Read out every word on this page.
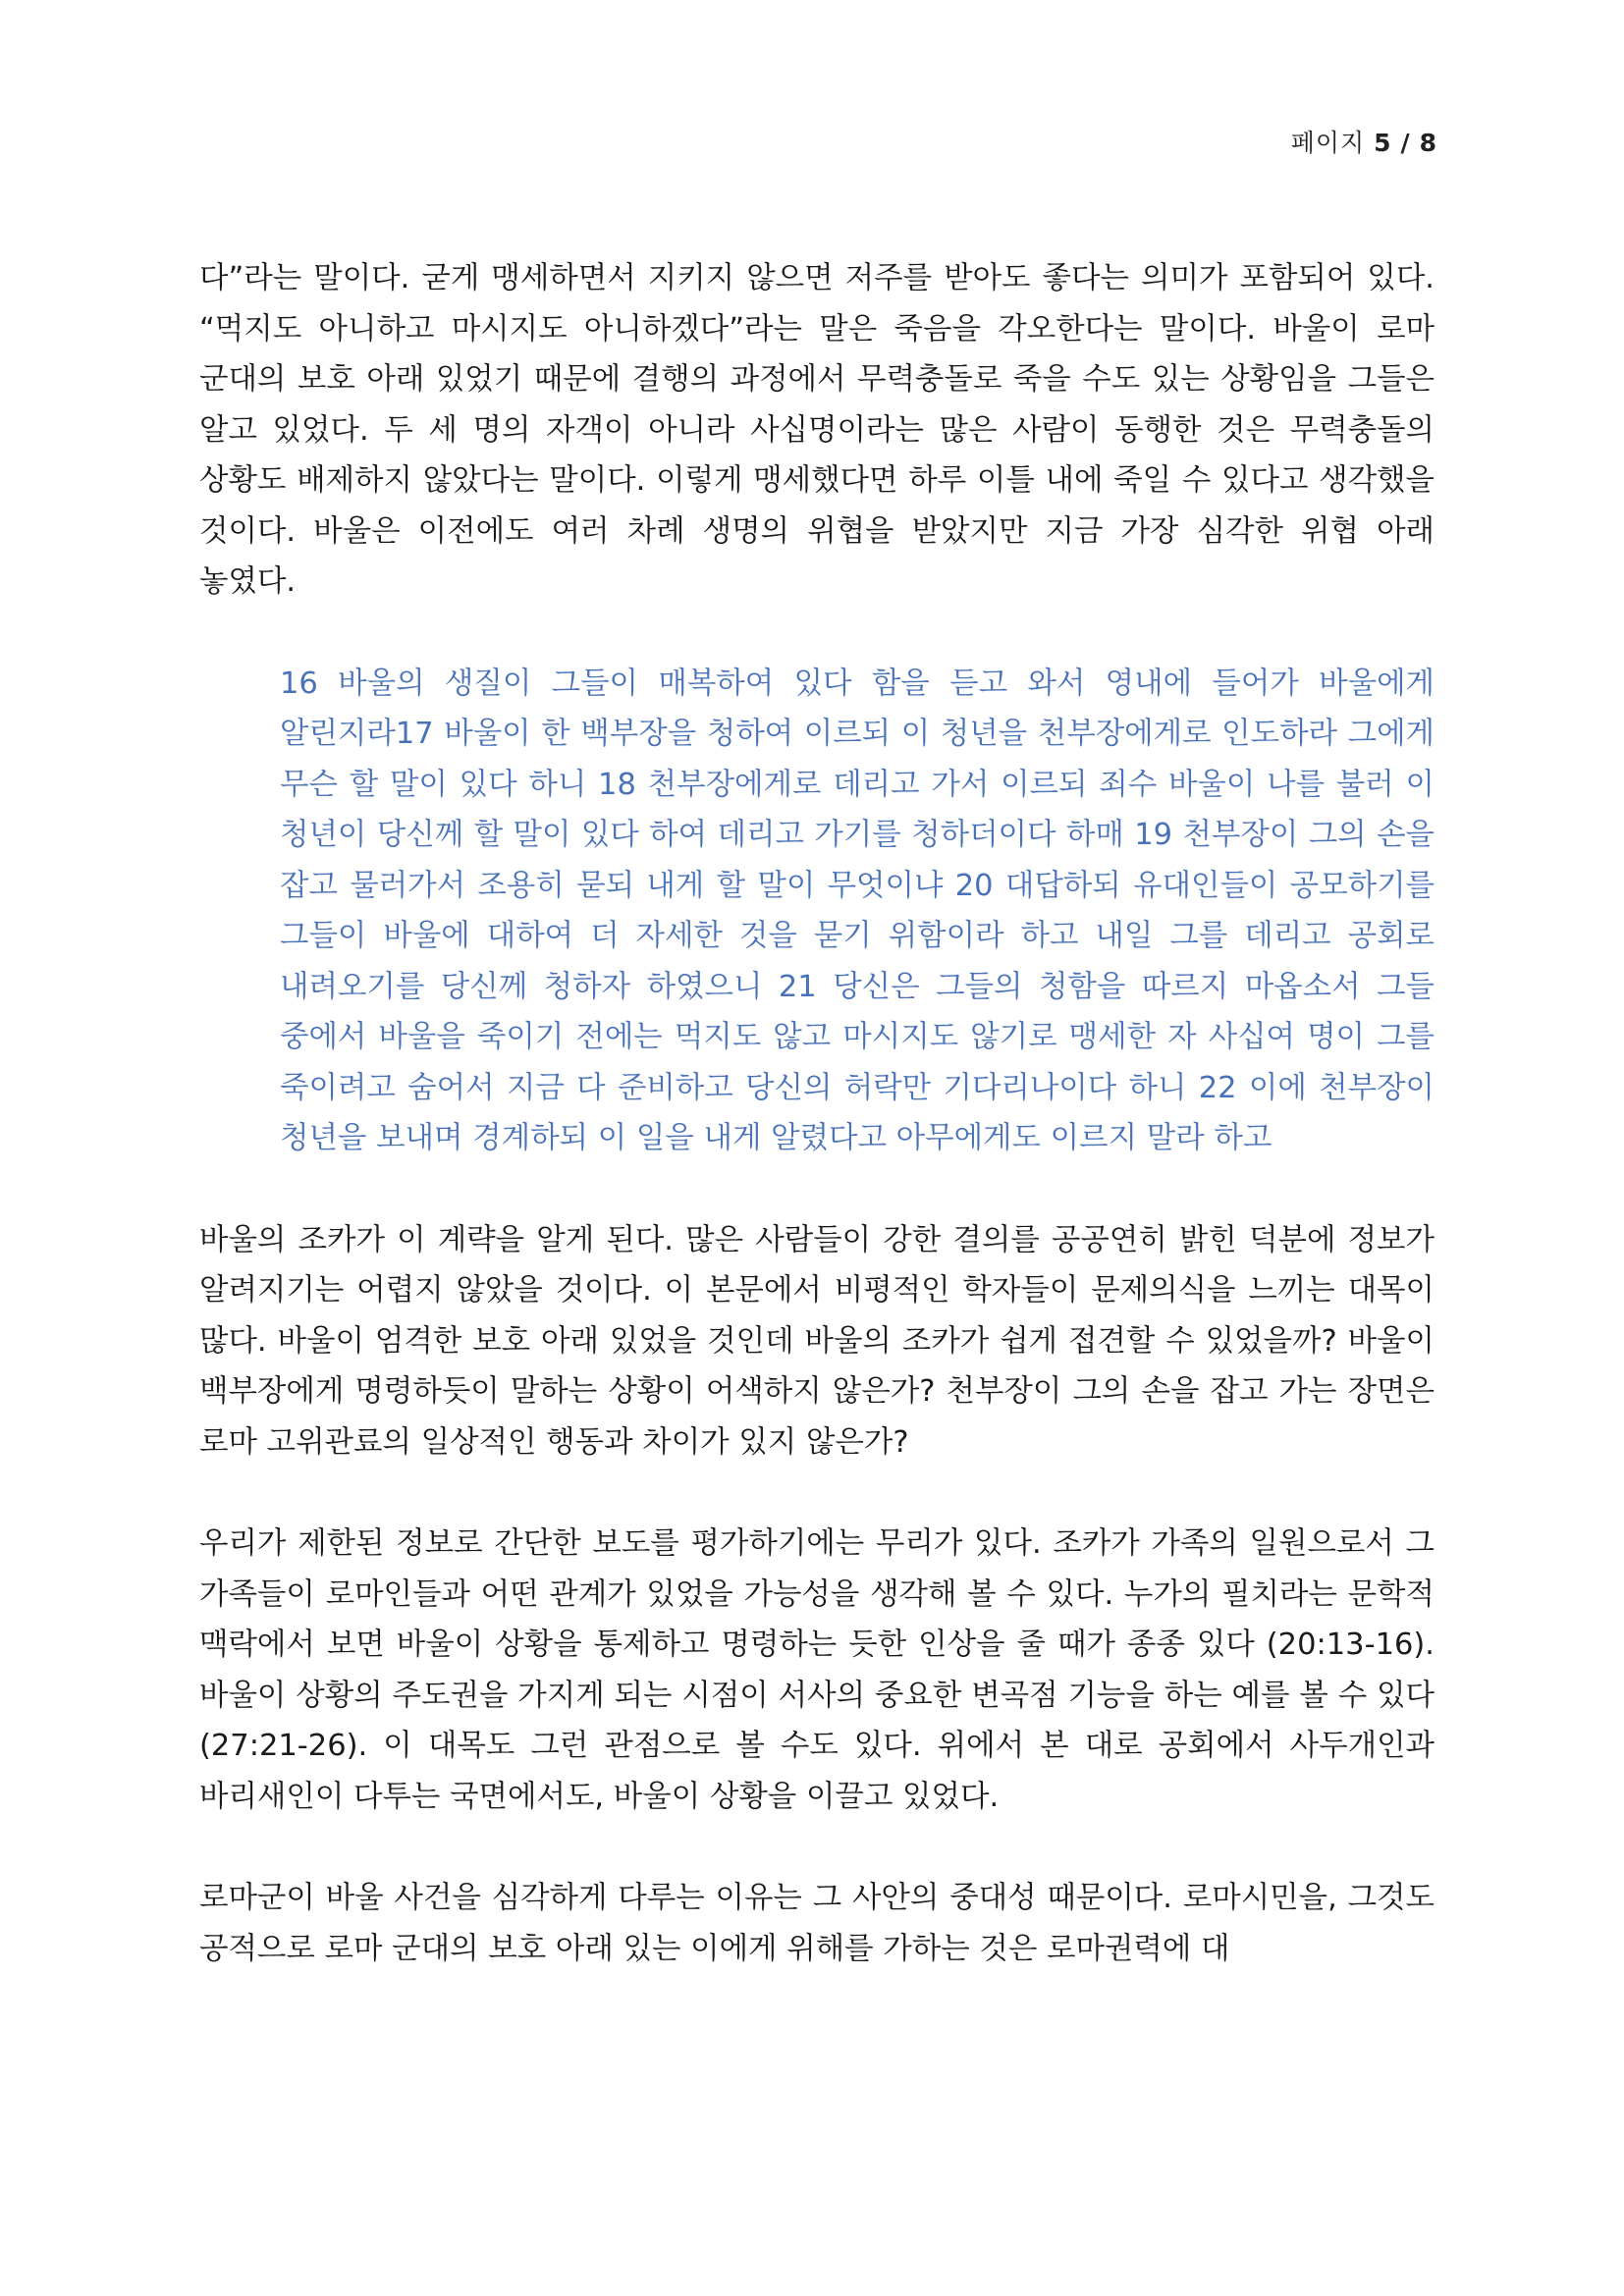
페이지 5 / 8

다”라는 말이다. 굳게 맹세하면서 지키지 않으면 저주를 받아도 좋다는 의미가 포함되어 있다. “먹지도 아니하고 마시지도 아니하겠다”라는 말은 죽음을 각오한다는 말이다. 바울이 로마 군대의 보호 아래 있었기 때문에 결행의 과정에서 무력충돌로 죽을 수도 있는 상황임을 그들은 알고 있었다. 두 세 명의 자객이 아니라 사십명이라는 많은 사람이 동행한 것은 무력충돌의 상황도 배제하지 않았다는 말이다. 이렇게 맹세했다면 하루 이틀 내에 죽일 수 있다고 생각했을 것이다. 바울은 이전에도 여러 차례 생명의 위협을 받았지만 지금 가장 심각한 위협 아래 놓였다.

16 바울의 생질이 그들이 매복하여 있다 함을 듣고 와서 영내에 들어가 바울에게 알린지라17 바울이 한 백부장을 청하여 이르되 이 청년을 천부장에게로 인도하라 그에게 무슨 할 말이 있다 하니 18 천부장에게로 데리고 가서 이르되 죄수 바울이 나를 불러 이 청년이 당신께 할 말이 있다 하여 데리고 가기를 청하더이다 하매 19 천부장이 그의 손을 잡고 물러가서 조용히 묻되 내게 할 말이 무엇이냐 20 대답하되 유대인들이 공모하기를 그들이 바울에 대하여 더 자세한 것을 묻기 위함이라 하고 내일 그를 데리고 공회로 내려오기를 당신께 청하자 하였으니 21 당신은 그들의 청함을 따르지 마옵소서 그들 중에서 바울을 죽이기 전에는 먹지도 않고 마시지도 않기로 맹세한 자 사십여 명이 그를 죽이려고 숨어서 지금 다 준비하고 당신의 허락만 기다리나이다 하니 22 이에 천부장이 청년을 보내며 경계하되 이 일을 내게 알렸다고 아무에게도 이르지 말라 하고

바울의 조카가 이 계략을 알게 된다. 많은 사람들이 강한 결의를 공공연히 밝힌 덕분에 정보가 알려지기는 어렵지 않았을 것이다. 이 본문에서 비평적인 학자들이 문제의식을 느끼는 대목이 많다. 바울이 엄격한 보호 아래 있었을 것인데 바울의 조카가 쉽게 접견할 수 있었을까? 바울이 백부장에게 명령하듯이 말하는 상황이 어색하지 않은가? 천부장이 그의 손을 잡고 가는 장면은 로마 고위관료의 일상적인 행동과 차이가 있지 않은가?

우리가 제한된 정보로 간단한 보도를 평가하기에는 무리가 있다. 조카가 가족의 일원으로서 그 가족들이 로마인들과 어떤 관계가 있었을 가능성을 생각해 볼 수 있다. 누가의 필치라는 문학적 맥락에서 보면 바울이 상황을 통제하고 명령하는 듯한 인상을 줄 때가 종종 있다 (20:13-16). 바울이 상황의 주도권을 가지게 되는 시점이 서사의 중요한 변곡점 기능을 하는 예를 볼 수 있다 (27:21-26). 이 대목도 그런 관점으로 볼 수도 있다. 위에서 본 대로 공회에서 사두개인과 바리새인이 다투는 국면에서도, 바울이 상황을 이끌고 있었다.

로마군이 바울 사건을 심각하게 다루는 이유는 그 사안의 중대성 때문이다. 로마시민을, 그것도 공적으로 로마 군대의 보호 아래 있는 이에게 위해를 가하는 것은 로마권력에 대
